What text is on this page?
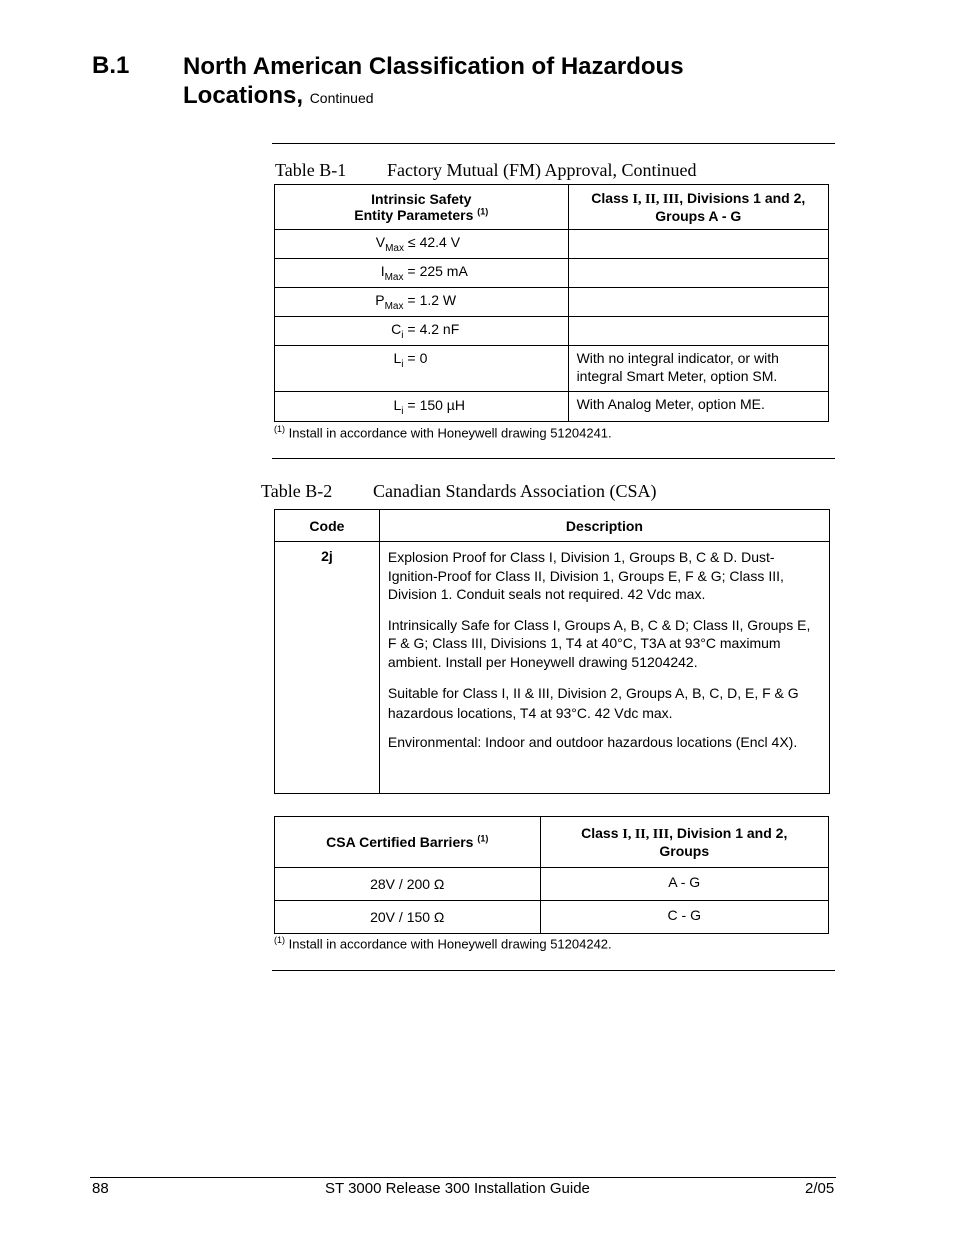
B.1 North American Classification of Hazardous
Locations, Continued
Table B-1 Factory Mutual (FM) Approval, Continued
Intrinsic Safety
Entity Parameters $^{(1)}$	Class I, II, III, Divisions 1 and 2,
Groups A - G
$V_{Max} \le 42.4$ V	
$I_{Max} = 225$ mA	
$P_{Max} = 1.2$ W	
$C_i = 4.2$ nF	
$L_i = 0$	With no integral indicator, or with integral Smart Meter, option SM.
$L_i = 150$ µH	With Analog Meter, option ME.
$^{(1)}$ Install in accordance with Honeywell drawing 51204241.
Table B-2 Canadian Standards Association (CSA)
Code	Description
2j	Explosion Proof for Class I, Division 1, Groups B, C & D. Dust-Ignition-Proof for Class II, Division 1, Groups E, F & G; Class III, Division 1. Conduit seals not required. 42 Vdc max.

Intrinsically Safe for Class I, Groups A, B, C & D; Class II, Groups E, F & G; Class III, Divisions 1, T4 at 40°C, T3A at 93°C maximum ambient. Install per Honeywell drawing 51204242.

Suitable for Class I, II & III, Division 2, Groups A, B, C, D, E, F & G hazardous locations, T4 at 93°C. 42 Vdc max.

Environmental: Indoor and outdoor hazardous locations (Encl 4X).

CSA Certified Barriers $^{(1)}$	Class I, II, III, Division 1 and 2,
Groups
28V / 200 Ω	A - G
20V / 150 Ω	C - G
$^{(1)}$ Install in accordance with Honeywell drawing 51204242.
88	ST 3000 Release 300 Installation Guide	2/05
